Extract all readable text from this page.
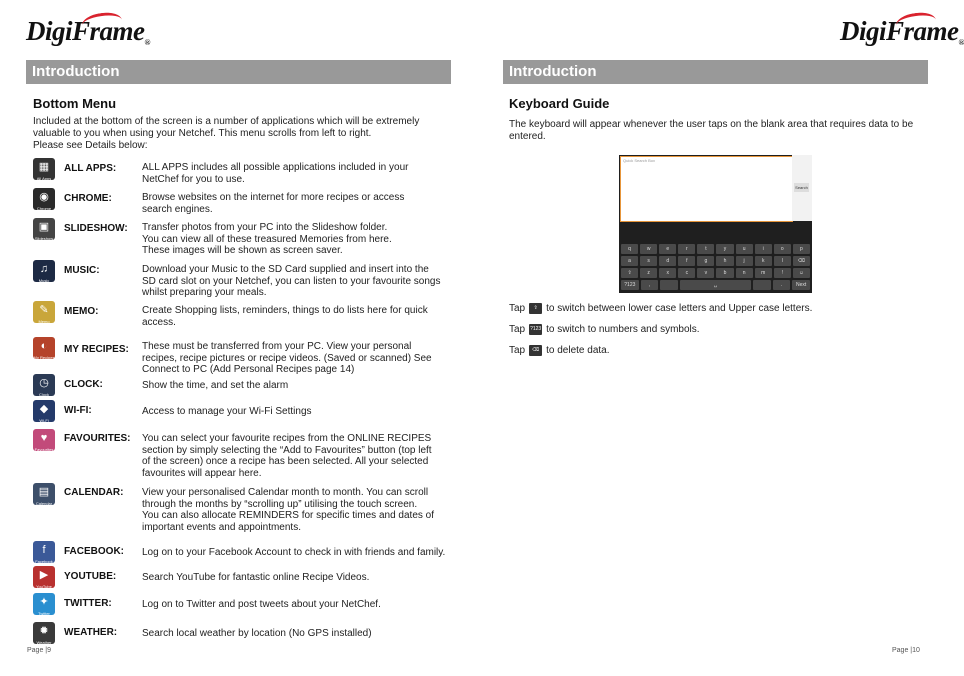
DigiFrame®
Introduction
Bottom Menu
Included at the bottom of the screen is a number of applications which will be extremely
valuable to you when using your Netchef. This menu scrolls from left to right.
Please see Details below:
▦
All Apps
ALL APPS:	ALL APPS includes all possible applications included in your
NetChef for you to use.
◉
Chrome
CHROME:	Browse websites on the internet for more recipes or access
search engines.
▣
Slideshow
SLIDESHOW: Transfer photos from your PC into the Slideshow folder.
You can view all of these treasured Memories from here.
These images will be shown as screen saver.
♫
Music
MUSIC:	Download your Music to the SD Card supplied and insert into the
SD card slot on your Netchef, you can listen to your favourite songs
whilst preparing your meals.
✎
Memo
MEMO:	Create Shopping lists, reminders, things to do lists here for quick
access.
◐
My Recipes
MY RECIPES: These must be transferred from your PC. View your personal
recipes, recipe pictures or recipe videos. (Saved or scanned) See
Connect to PC (Add Personal Recipes page 14)
◷
Clock
CLOCK:	Show the time, and set the alarm
◆
Wi-Fi
WI-FI:	Access to manage your Wi-Fi Settings
♥
Favourites
FAVOURITES: You can select your favourite recipes from the ONLINE RECIPES
section by simply selecting the “Add to Favourites” button (top left
of the screen) once a recipe has been selected. All your selected
favourites will appear here.
▤
Calendar
CALENDAR: View your personalised Calendar month to month. You can scroll
through the months by “scrolling up” utilising the touch screen.
You can also allocate REMINDERS for specific times and dates of
important events and appointments.
f
Facebook
FACEBOOK: Log on to your Facebook Account to check in with friends and family.
▶
YouTube
YOUTUBE:	Search YouTube for fantastic online Recipe Videos.
✦
Twitter
TWITTER:	Log on to Twitter and post tweets about your NetChef.
✹
Weather
WEATHER: Search local weather by location (No GPS installed)
Page |9
DigiFrame®
Introduction
Keyboard Guide
The keyboard will appear whenever the user taps on the blank area that requires data to be
entered.
Quick Search Box
Search
q	w	e	r	t	y	u	i	o	p
a	s	d	f	g	h	j	k	l	⌫
⇧	z	x	c	v	b	n	m	!	☺
?123	,	␣	.	Next
Tap ⇧ to switch between lower case letters and Upper case letters.
Tap ?123 to switch to numbers and symbols.
Tap ⌫ to delete data.
Page |10
